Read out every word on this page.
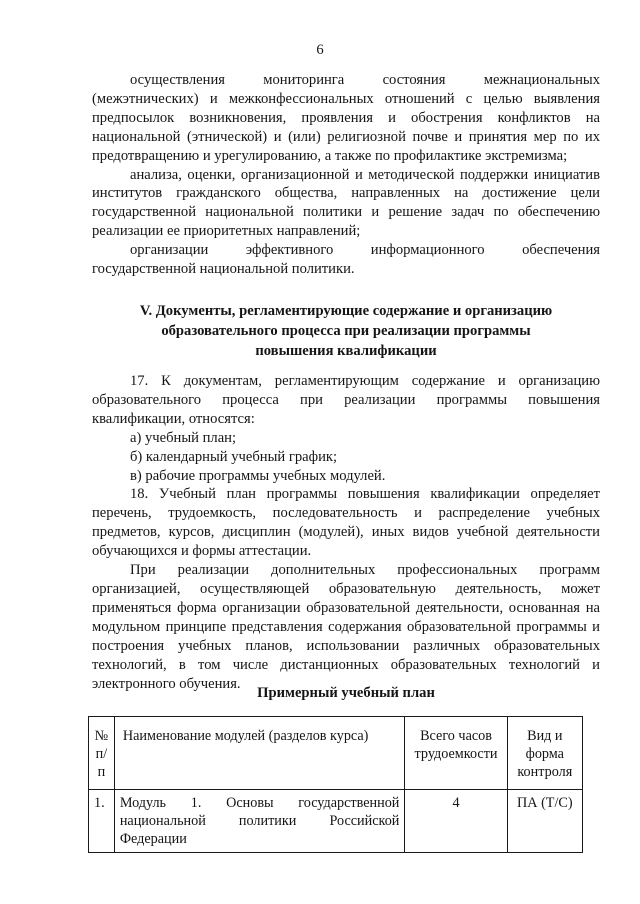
6

осуществления мониторинга состояния межнациональных (межэтнических) и межконфессиональных отношений с целью выявления предпосылок возникновения, проявления и обострения конфликтов на национальной (этнической) и (или) религиозной почве и принятия мер по их предотвращению и урегулированию, а также по профилактике экстремизма;

анализа, оценки, организационной и методической поддержки инициатив институтов гражданского общества, направленных на достижение цели государственной национальной политики и решение задач по обеспечению реализации ее приоритетных направлений;

организации эффективного информационного обеспечения государственной национальной политики.

V. Документы, регламентирующие содержание и организацию
образовательного процесса при реализации программы
повышения квалификации

17. К документам, регламентирующим содержание и организацию образовательного процесса при реализации программы повышения квалификации, относятся:

а) учебный план;

б) календарный учебный график;

в) рабочие программы учебных модулей.

18. Учебный план программы повышения квалификации определяет перечень, трудоемкость, последовательность и распределение учебных предметов, курсов, дисциплин (модулей), иных видов учебной деятельности обучающихся и формы аттестации.

При реализации дополнительных профессиональных программ организацией, осуществляющей образовательную деятельность, может применяться форма организации образовательной деятельности, основанная на модульном принципе представления содержания образовательной программы и построения учебных планов, использовании различных образовательных технологий, в том числе дистанционных образовательных технологий и электронного обучения.

Примерный учебный план
№ п/п	Наименование модулей (разделов курса)	Всего часов трудоемкости	Вид и форма контроля
1.	Модуль 1. Основы государственной национальной политики Российской Федерации	4	ПА (Т/С)
